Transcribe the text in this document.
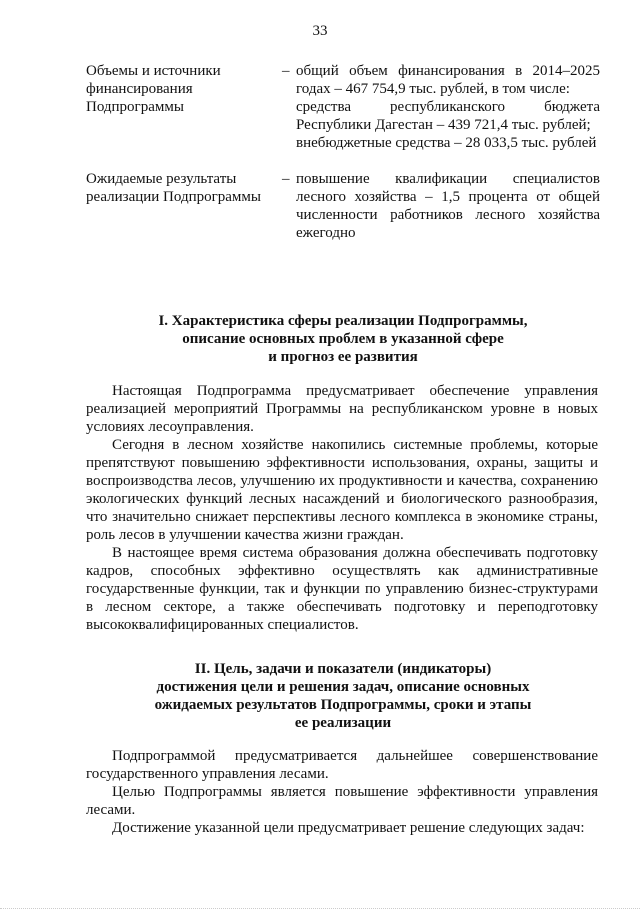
33
Объемы и источники
финансирования
Подпрограммы
– общий объем финансирования в 2014–2025 годах – 467 754,9 тыс. рублей, в том числе:
средства республиканского бюджета Республики Дагестан – 439 721,4 тыс. рублей;
внебюджетные средства – 28 033,5 тыс. рублей
Ожидаемые результаты
реализации Подпрограммы
– повышение квалификации специалистов лесного хозяйства – 1,5 процента от общей численности работников лесного хозяйства ежегодно
I. Характеристика сферы реализации Подпрограммы,
описание основных проблем в указанной сфере
и прогноз ее развития

Настоящая Подпрограмма предусматривает обеспечение управления реализацией мероприятий Программы на республиканском уровне в новых условиях лесоуправления.

Сегодня в лесном хозяйстве накопились системные проблемы, которые препятствуют повышению эффективности использования, охраны, защиты и воспроизводства лесов, улучшению их продуктивности и качества, сохранению экологических функций лесных насаждений и биологического разнообразия, что значительно снижает перспективы лесного комплекса в экономике страны, роль лесов в улучшении качества жизни граждан.

В настоящее время система образования должна обеспечивать подготовку кадров, способных эффективно осуществлять как административные государственные функции, так и функции по управлению бизнес-структурами в лесном секторе, а также обеспечивать подготовку и переподготовку высококвалифицированных специалистов.

II. Цель, задачи и показатели (индикаторы)
достижения цели и решения задач, описание основных
ожидаемых результатов Подпрограммы, сроки и этапы
ее реализации

Подпрограммой предусматривается дальнейшее совершенствование государственного управления лесами.

Целью Подпрограммы является повышение эффективности управления лесами.

Достижение указанной цели предусматривает решение следующих задач:
